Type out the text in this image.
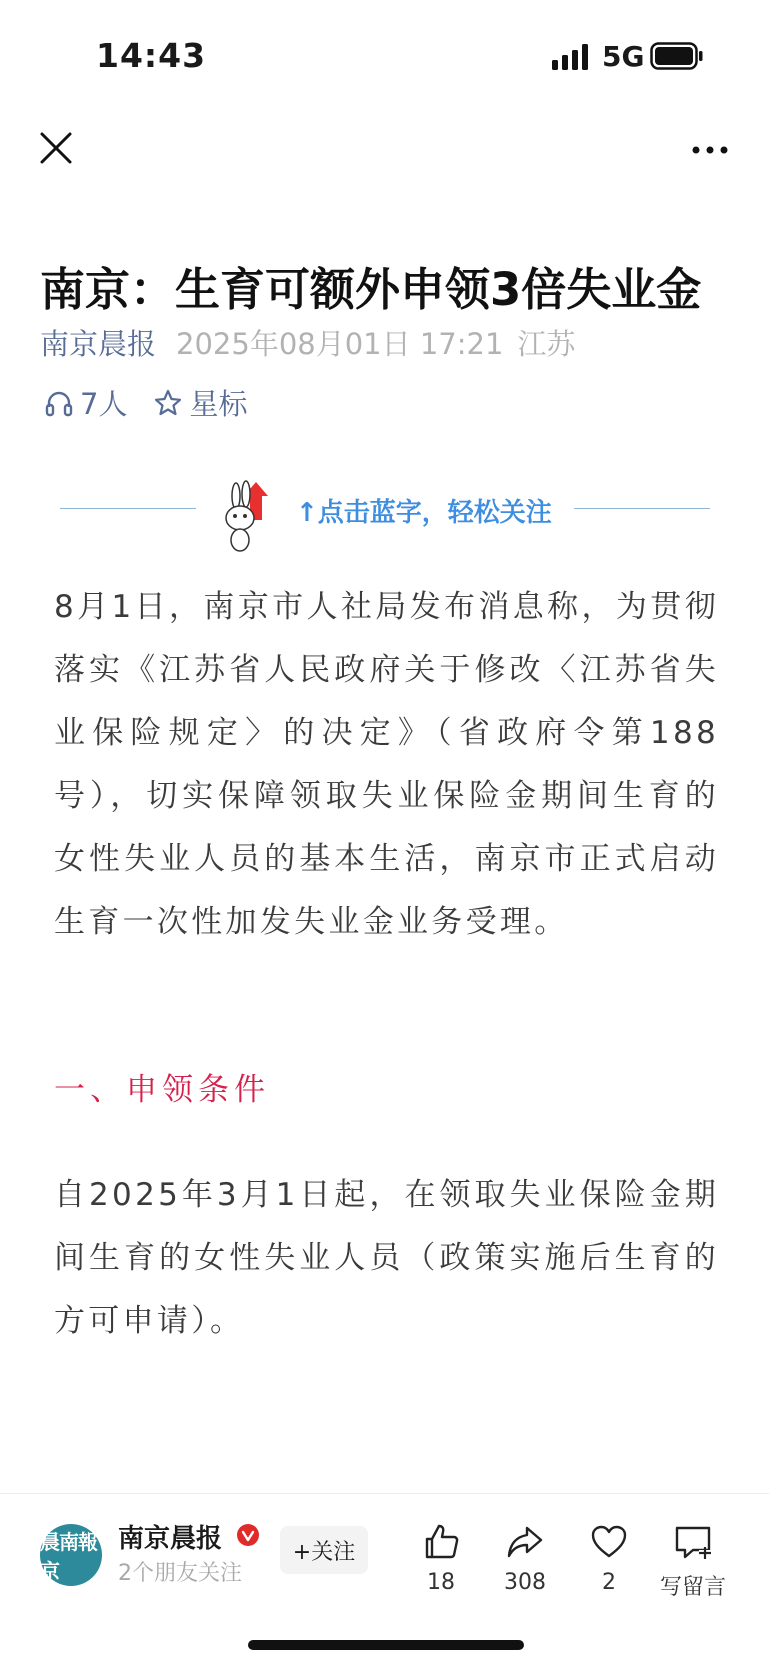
14:43	5G
南京：生育可额外申领3倍失业金
南京晨报 2025年08月01日 17:21 江苏
7人 星标
↑点击蓝字，轻松关注

8月1日，南京市人社局发布消息称，为贯彻落实《江苏省人民政府关于修改〈江苏省失业保险规定〉的决定》（省政府令第188号），切实保障领取失业保险金期间生育的女性失业人员的基本生活，南京市正式启动生育一次性加发失业金业务受理。

一、申领条件

自2025年3月1日起，在领取失业保险金期间生育的女性失业人员（政策实施后生育的方可申请）。

晨南報京
南京晨报
2个朋友关注
+关注
18	308	2	写留言
